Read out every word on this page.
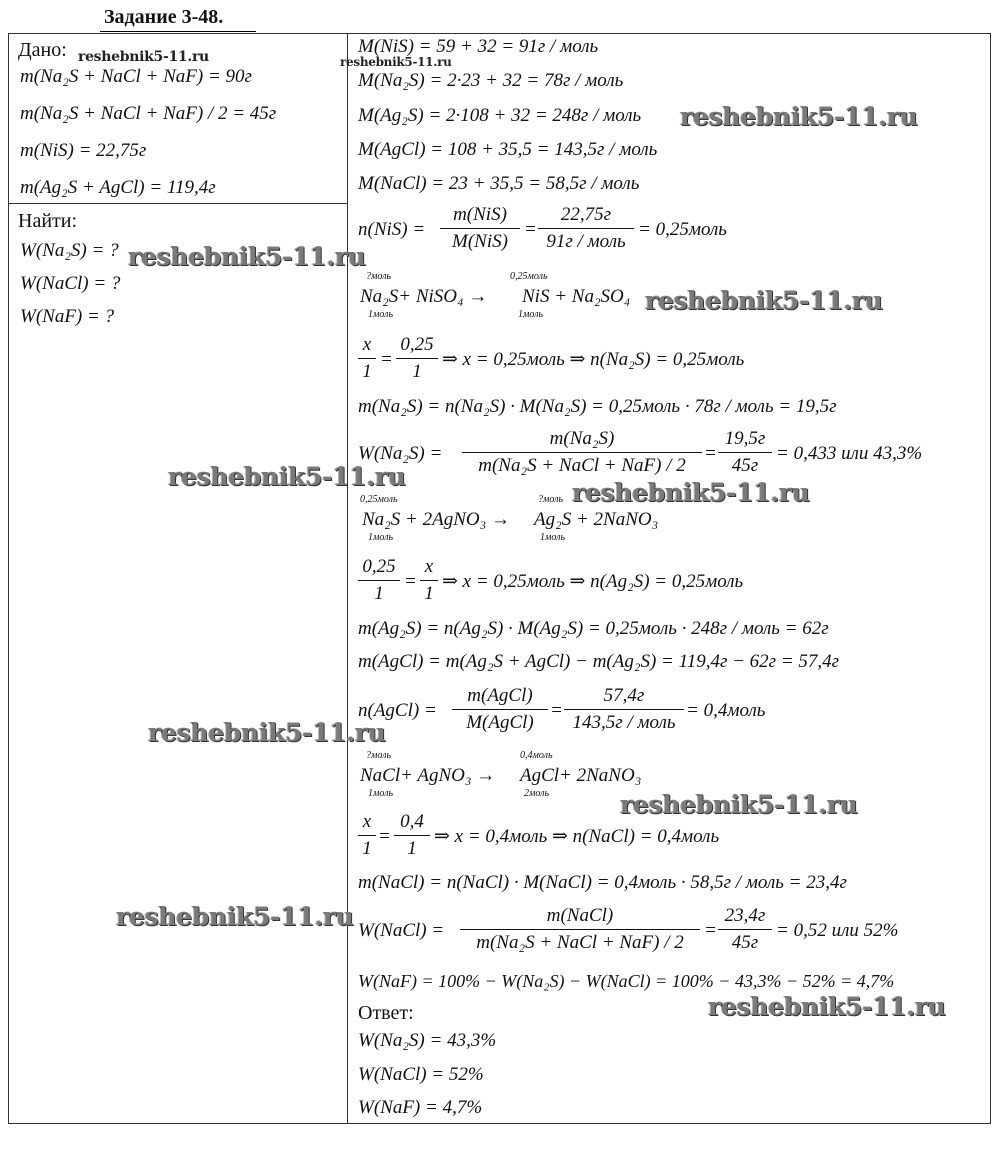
Задание 3-48.
Дано:
m(Na₂S + NaCl + NaF) = 90г
m(Na₂S + NaCl + NaF) / 2 = 45г
m(NiS) = 22,75г
m(Ag₂S + AgCl) = 119,4г
Найти:
W(Na₂S) = ?
W(NaCl) = ?
W(NaF) = ?
M(NiS) = 59 + 32 = 91г / моль
M(Na₂S) = 2·23 + 32 = 78г / моль
M(Ag₂S) = 2·108 + 32 = 248г / моль
M(AgCl) = 108 + 35,5 = 143,5г / моль
M(NaCl) = 23 + 35,5 = 58,5г / моль
n(NiS) =
m(NiS)
M(NiS)
=
22,75г
91г / моль
= 0,25моль
?моль	0,25моль
Na₂S+ NiSO₄ → NiS + Na₂SO₄
1моль	1моль
x
1
=
0,25
1
⇒ x = 0,25моль ⇒ n(Na₂S) = 0,25моль
m(Na₂S) = n(Na₂S) · M(Na₂S) = 0,25моль · 78г / моль = 19,5г
W(Na₂S) =
m(Na₂S)
m(Na₂S + NaCl + NaF) / 2
=
19,5г
45г
= 0,433 или 43,3%
0,25моль	?моль
Na₂S + 2AgNO₃ → Ag₂S + 2NaNO₃
1моль	1моль
0,25
1
=
x
1
⇒ x = 0,25моль ⇒ n(Ag₂S) = 0,25моль
m(Ag₂S) = n(Ag₂S) · M(Ag₂S) = 0,25моль · 248г / моль = 62г
m(AgCl) = m(Ag₂S + AgCl) − m(Ag₂S) = 119,4г − 62г = 57,4г
n(AgCl) =
m(AgCl)
M(AgCl)
=
57,4г
143,5г / моль
= 0,4моль
?моль	0,4моль
NaCl+ AgNO₃ → AgCl+ 2NaNO₃
1моль	2моль
x
1
=
0,4
1
⇒ x = 0,4моль ⇒ n(NaCl) = 0,4моль
m(NaCl) = n(NaCl) · M(NaCl) = 0,4моль · 58,5г / моль = 23,4г
W(NaCl) =
m(NaCl)
m(Na₂S + NaCl + NaF) / 2
=
23,4г
45г
= 0,52 или 52%
W(NaF) = 100% − W(Na₂S) − W(NaCl) = 100% − 43,3% − 52% = 4,7%
Ответ:
W(Na₂S) = 43,3%
W(NaCl) = 52%
W(NaF) = 4,7%
reshebnik5-11.ru	reshebnik5-11.ru
reshebnik5-11.ru
reshebnik5-11.ru
reshebnik5-11.ru
reshebnik5-11.ru
reshebnik5-11.ru
reshebnik5-11.ru
reshebnik5-11.ru
reshebnik5-11.ru
reshebnik5-11.ru
